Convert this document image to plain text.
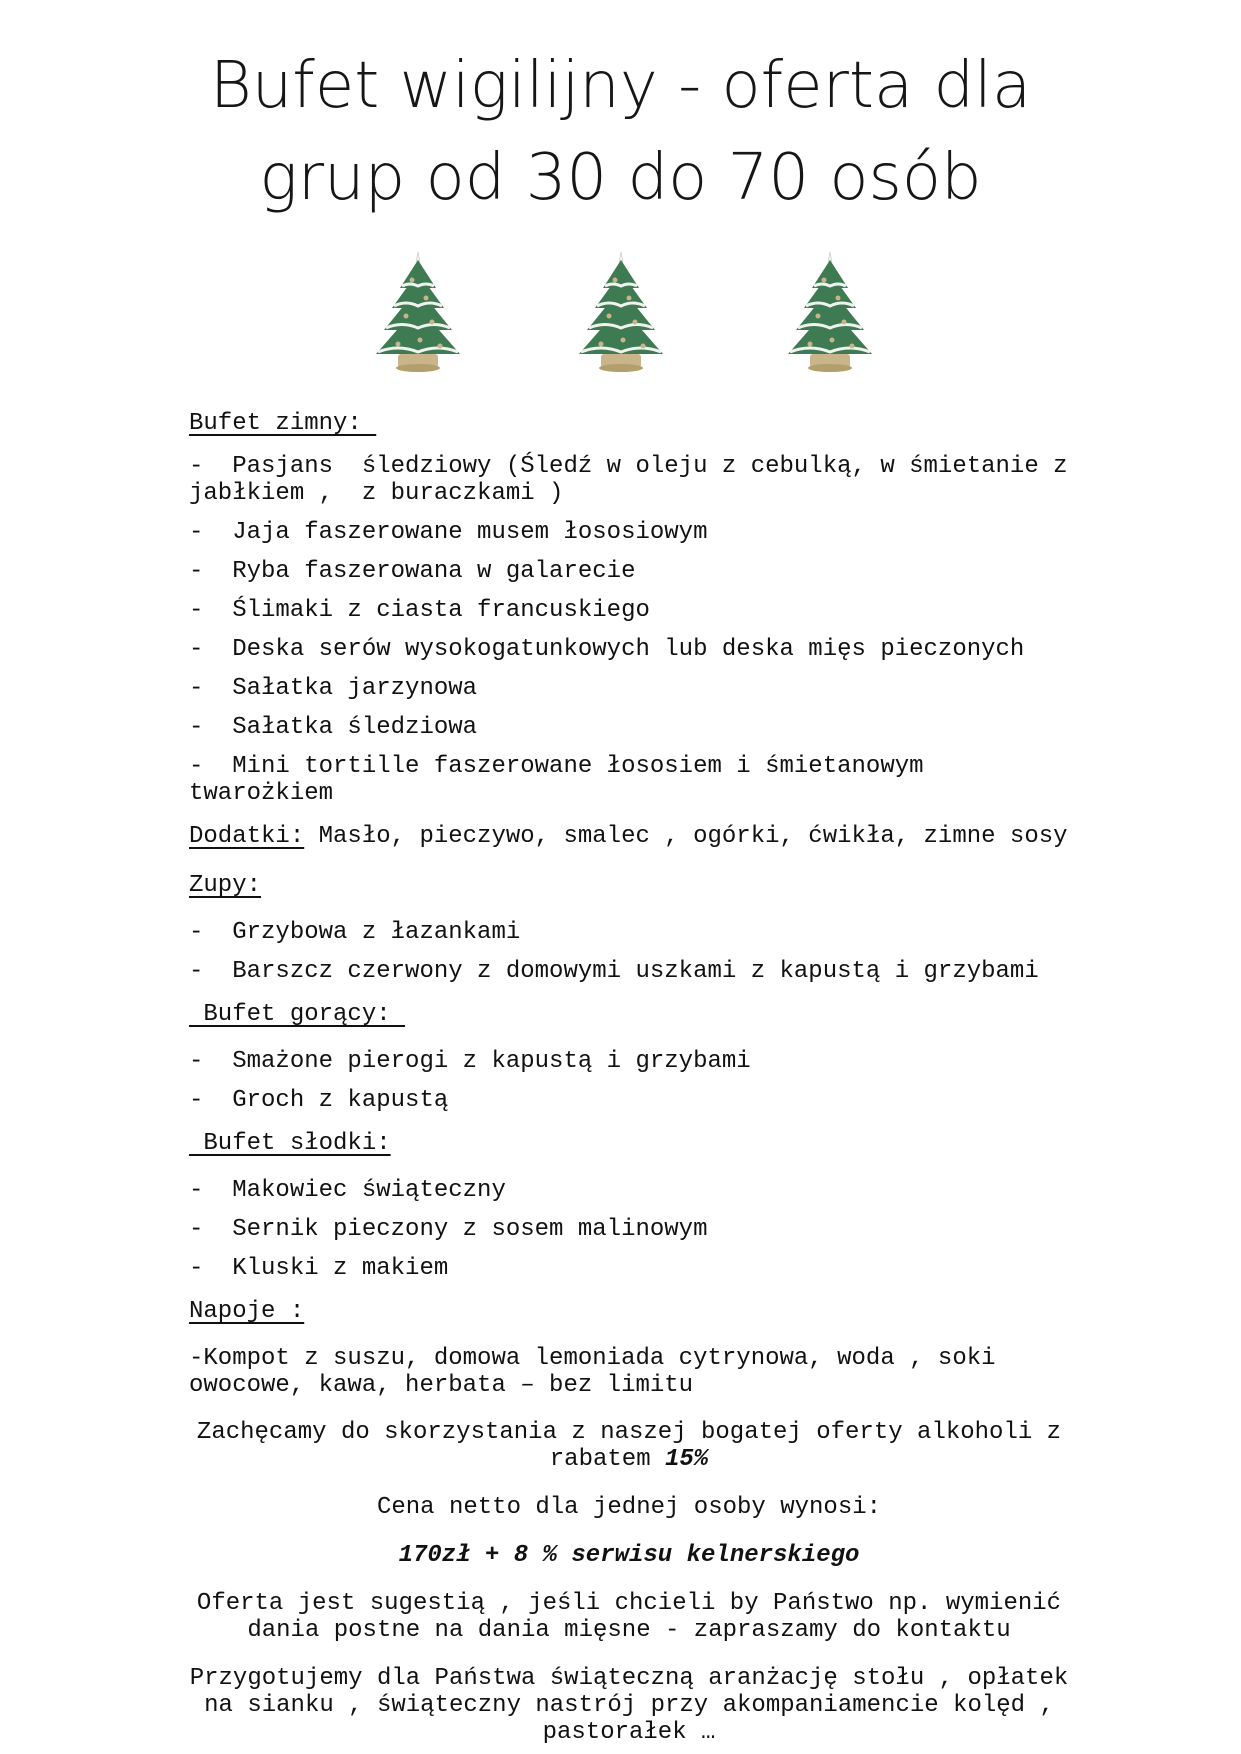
Bufet wigilijny - oferta dla
grup od 30 do 70 osób
Bufet zimny:
-  Pasjans  śledziowy (Śledź w oleju z cebulką, w śmietanie z jabłkiem ,  z buraczkami )
-  Jaja faszerowane musem łososiowym
-  Ryba faszerowana w galarecie
-  Ślimaki z ciasta francuskiego
-  Deska serów wysokogatunkowych lub deska mięs pieczonych
-  Sałatka jarzynowa
-  Sałatka śledziowa
-  Mini tortille faszerowane łososiem i śmietanowym twarożkiem
Dodatki: Masło, pieczywo, smalec , ogórki, ćwikła, zimne sosy
Zupy:
-  Grzybowa z łazankami
-  Barszcz czerwony z domowymi uszkami z kapustą i grzybami
Bufet gorący:
-  Smażone pierogi z kapustą i grzybami
-  Groch z kapustą
Bufet słodki:
-  Makowiec świąteczny
-  Sernik pieczony z sosem malinowym
-  Kluski z makiem
Napoje :
-Kompot z suszu, domowa lemoniada cytrynowa, woda , soki owocowe, kawa, herbata – bez limitu
Zachęcamy do skorzystania z naszej bogatej oferty alkoholi z rabatem 15%
Cena netto dla jednej osoby wynosi:
170zł + 8 % serwisu kelnerskiego
Oferta jest sugestią , jeśli chcieli by Państwo np. wymienić dania postne na dania mięsne - zapraszamy do kontaktu
Przygotujemy dla Państwa świąteczną aranżację stołu , opłatek na sianku , świąteczny nastrój przy akompaniamencie kolęd , pastorałek …
